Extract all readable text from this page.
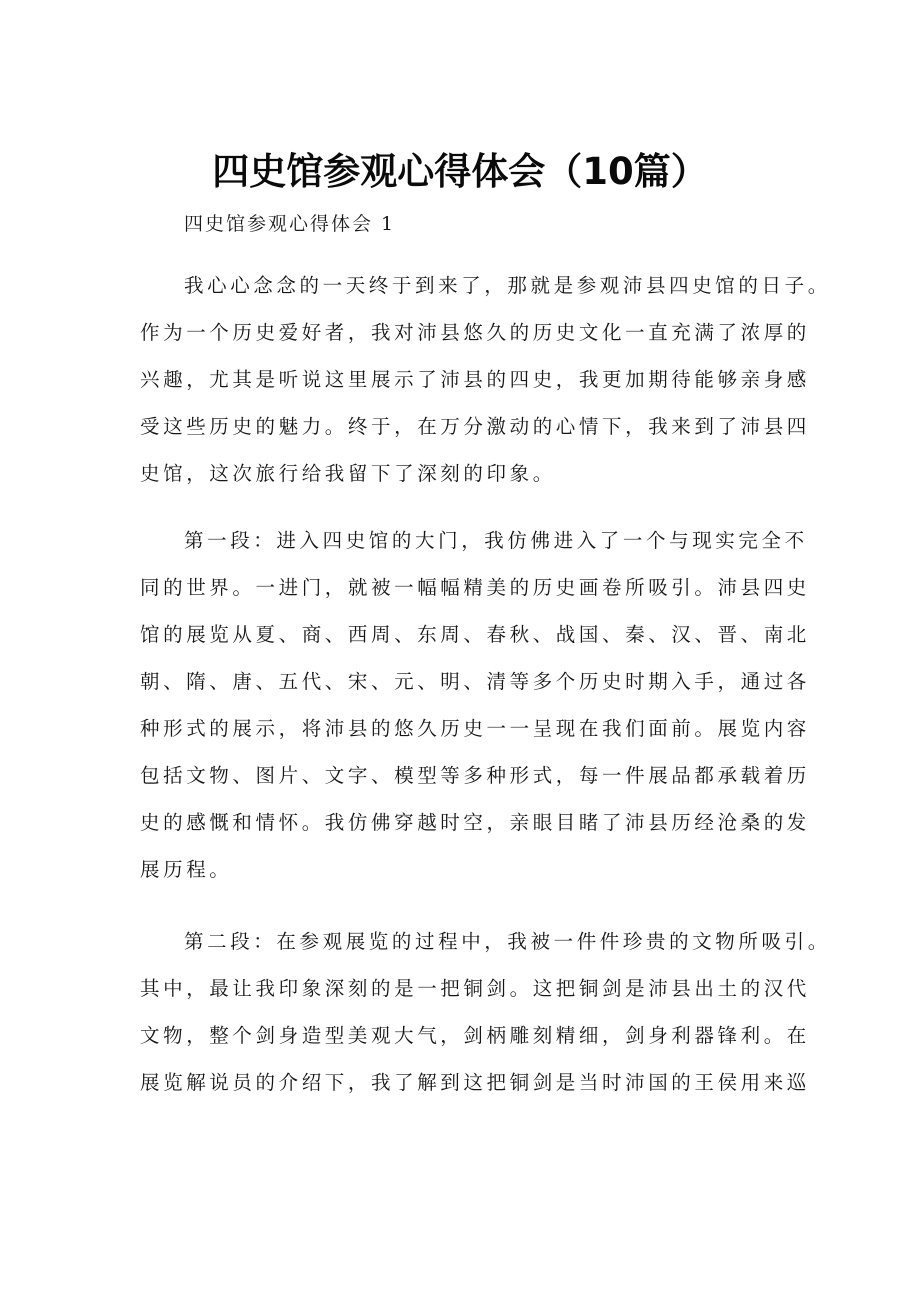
四史馆参观心得体会（10篇）
四史馆参观心得体会 1
我心心念念的一天终于到来了，那就是参观沛县四史馆的日子。
作为一个历史爱好者，我对沛县悠久的历史文化一直充满了浓厚的
兴趣，尤其是听说这里展示了沛县的四史，我更加期待能够亲身感
受这些历史的魅力。终于，在万分激动的心情下，我来到了沛县四
史馆，这次旅行给我留下了深刻的印象。
第一段：进入四史馆的大门，我仿佛进入了一个与现实完全不
同的世界。一进门，就被一幅幅精美的历史画卷所吸引。沛县四史
馆的展览从夏、商、西周、东周、春秋、战国、秦、汉、晋、南北
朝、隋、唐、五代、宋、元、明、清等多个历史时期入手，通过各
种形式的展示，将沛县的悠久历史一一呈现在我们面前。展览内容
包括文物、图片、文字、模型等多种形式，每一件展品都承载着历
史的感慨和情怀。我仿佛穿越时空，亲眼目睹了沛县历经沧桑的发
展历程。
第二段：在参观展览的过程中，我被一件件珍贵的文物所吸引。
其中，最让我印象深刻的是一把铜剑。这把铜剑是沛县出土的汉代
文物，整个剑身造型美观大气，剑柄雕刻精细，剑身利器锋利。在
展览解说员的介绍下，我了解到这把铜剑是当时沛国的王侯用来巡
